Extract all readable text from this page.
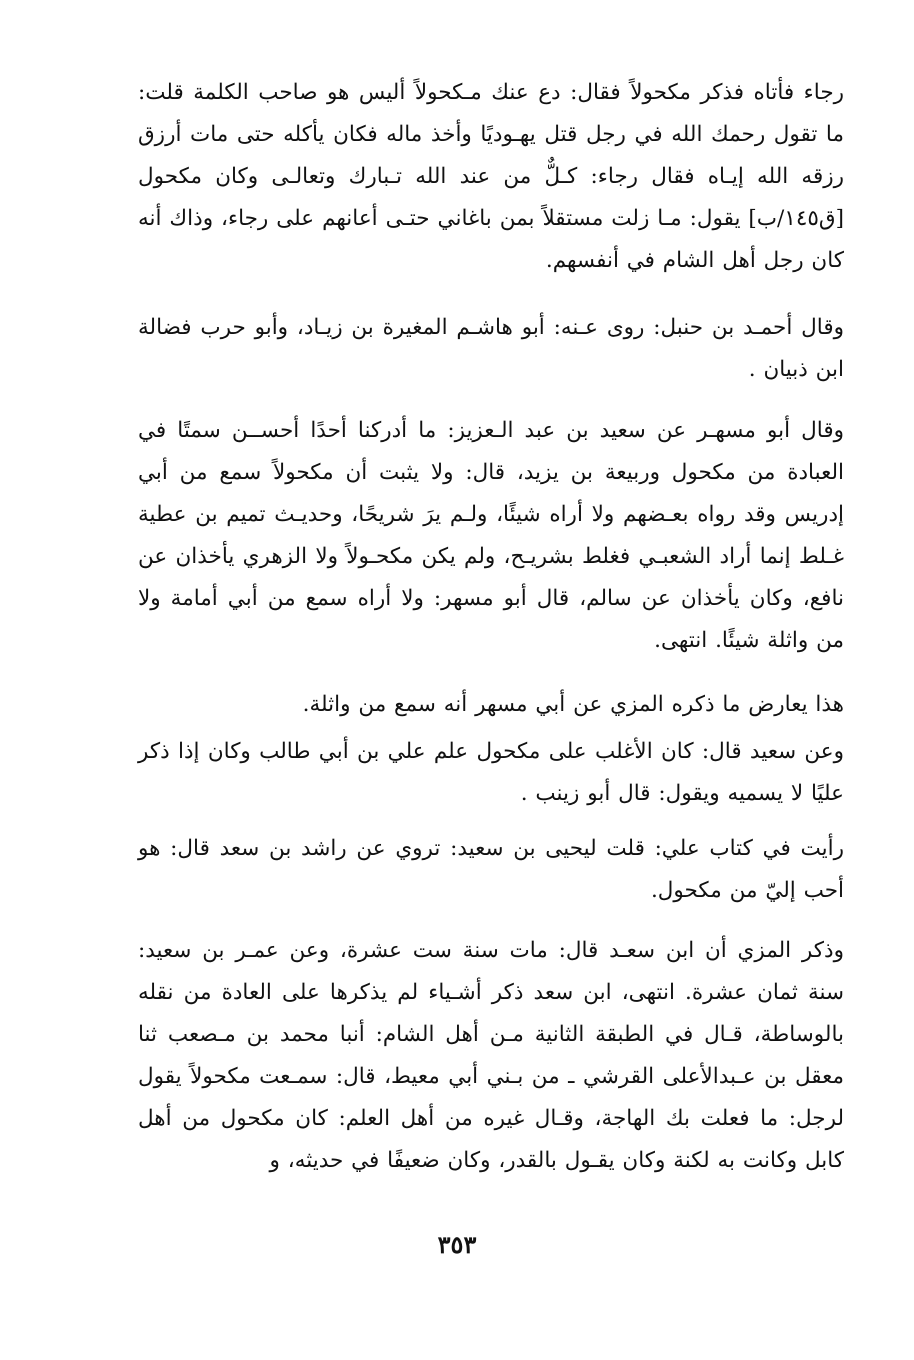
رجاء فأتاه فذكر مكحولاً فقال: دع عنك مـكحولاً أليس هو صاحب الكلمة قلت: ما تقول رحمك الله في رجل قتل يهـوديًا وأخذ ماله فكان يأكله حتى مات أرزق رزقه الله إيـاه فقال رجاء: كـلٌّ من عند الله تـبارك وتعالـى وكان مكحول [ق١٤٥/ب] يقول: مـا زلت مستقلاً بمن باغاني حتـى أعانهم على رجاء، وذاك أنه كان رجل أهل الشام في أنفسهم.

وقال أحمـد بن حنبل: روى عـنه: أبو هاشـم المغيرة بن زيـاد، وأبو حرب فضالة ابن ذبيان .

وقال أبو مسهـر عن سعيد بن عبد الـعزيز: ما أدركنا أحدًا أحســن سمتًا في العبادة من مكحول وربيعة بن يزيد، قال: ولا يثبت أن مكحولاً سمع من أبي إدريس وقد رواه بعـضهم ولا أراه شيئًا، ولـم يرَ شريحًا، وحديـث تميم بن عطية غـلط إنما أراد الشعبـي فغلط بشريـح، ولم يكن مكحـولاً ولا الزهري يأخذان عن نافع، وكان يأخذان عن سالم، قال أبو مسهر: ولا أراه سمع من أبي أمامة ولا من واثلة شيئًا. انتهى.

هذا يعارض ما ذكره المزي عن أبي مسهر أنه سمع من واثلة.

وعن سعيد قال: كان الأغلب على مكحول علم علي بن أبي طالب وكان إذا ذكر عليًا لا يسميه ويقول: قال أبو زينب .

رأيت في كتاب علي: قلت ليحيى بن سعيد: تروي عن راشد بن سعد قال: هو أحب إليّ من مكحول.

وذكر المزي أن ابن سعـد قال: مات سنة ست عشرة، وعن عمـر بن سعيد: سنة ثمان عشرة. انتهى، ابن سعد ذكر أشـياء لم يذكرها على العادة من نقله بالوساطة، قـال في الطبقة الثانية مـن أهل الشام: أنبا محمد بن مـصعب ثنا معقل بن عـبدالأعلى القرشي ـ من بـني أبي معيط، قال: سمـعت مكحولاً يقول لرجل: ما فعلت بك الهاجة، وقـال غيره من أهل العلم: كان مكحول من أهل كابل وكانت به لكنة وكان يقـول بالقدر، وكان ضعيفًا في حديثه، و

٣٥٣
